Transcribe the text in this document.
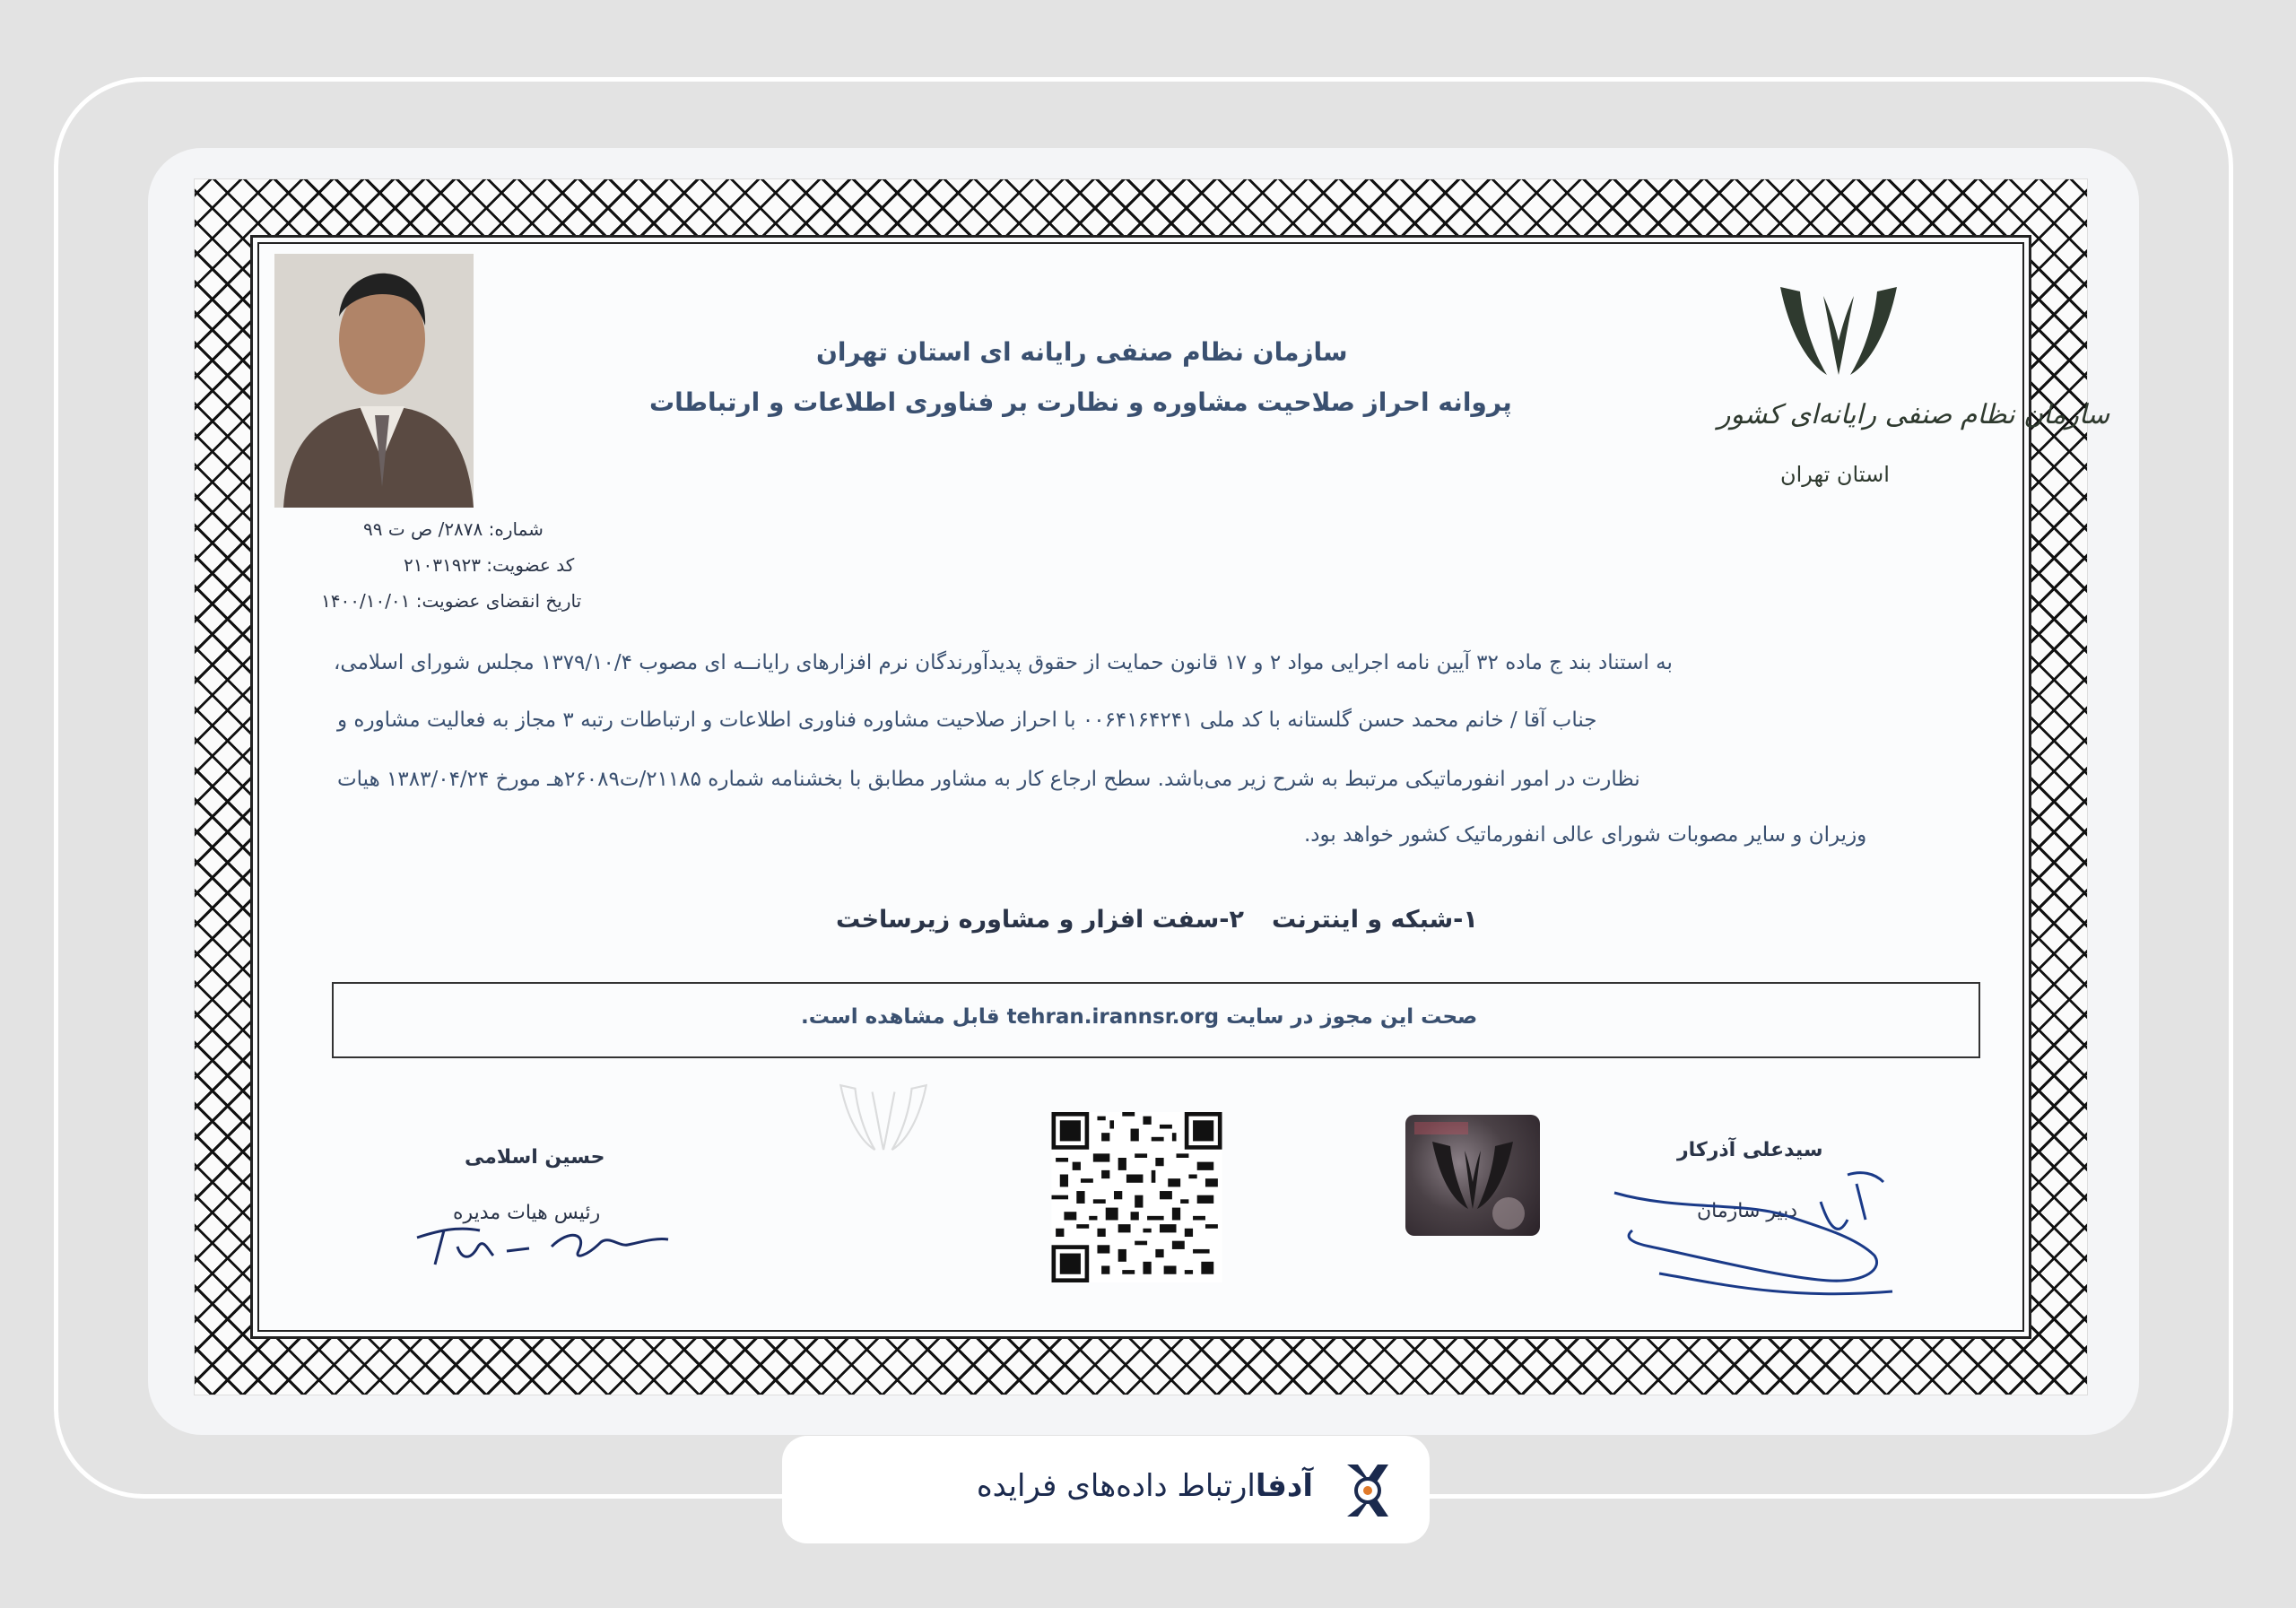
سازمان نظام صنفی رایانه‌ای کشور
استان تهران
سازمان نظام صنفی رایانه ای استان تهران
پروانه احراز صلاحیت مشاوره و نظارت بر فناوری اطلاعات و ارتباطات
شماره: ۲۸۷۸/ ص ت ۹۹
کد عضویت: ۲۱۰۳۱۹۲۳
تاریخ انقضای عضویت: ۱۴۰۰/۱۰/۰۱
به استناد بند ج ماده ۳۲ آیین نامه اجرایی مواد ۲ و ۱۷ قانون حمایت از حقوق پدیدآورندگان نرم افزارهای رایانــه ای مصوب ۱۳۷۹/۱۰/۴ مجلس شورای اسلامی،
جناب آقا / خانم محمد حسن گلستانه با کد ملی ۰۰۶۴۱۶۴۲۴۱ با احراز صلاحیت مشاوره فناوری اطلاعات و ارتباطات رتبه ۳ مجاز به فعالیت مشاوره و
نظارت در امور انفورماتیکی مرتبط به شرح زیر می‌باشد. سطح ارجاع کار به مشاور مطابق با بخشنامه شماره ۲۱۱۸۵/ت۲۶۰۸۹هـ مورخ ۱۳۸۳/۰۴/۲۴ هیات
وزیران و سایر مصوبات شورای عالی انفورماتیک کشور خواهد بود.
۱-شبکه و اینترنت
۲-سفت افزار و مشاوره زیرساخت
صحت این مجوز در سایت tehran.irannsr.org قابل مشاهده است.
حسین اسلامی
رئیس هیات مدیره
سیدعلی آذرکار
دبیر سازمان
آدفاارتباط داده‌های فرایده
